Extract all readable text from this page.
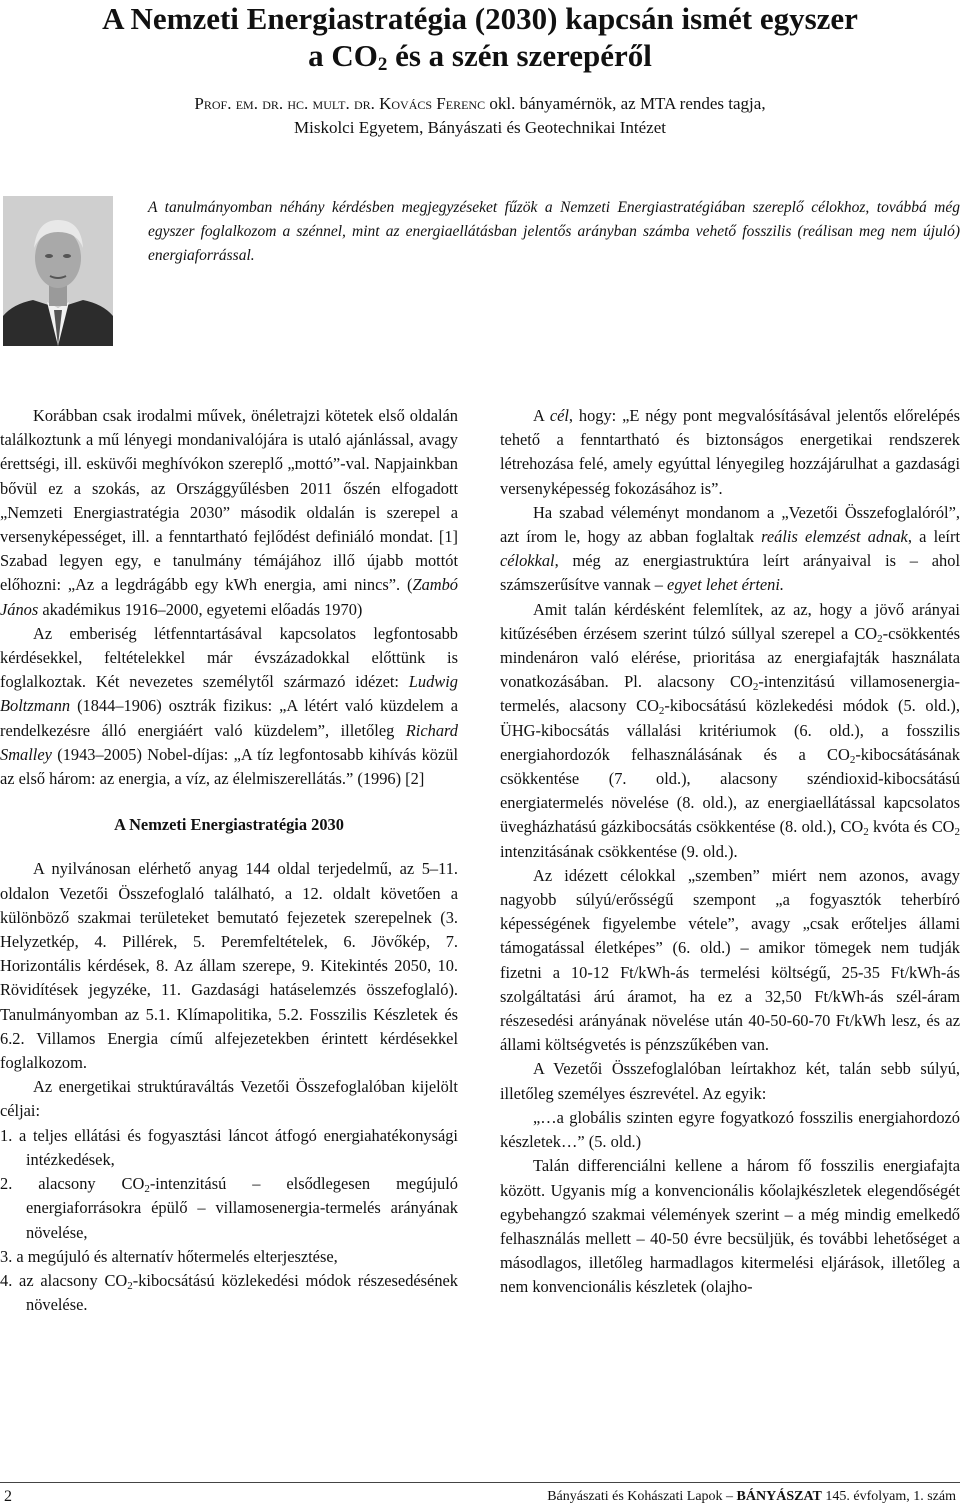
A Nemzeti Energiastratégia (2030) kapcsán ismét egyszer
a $CO_2$ és a szén szerepéről
Prof. em. dr. hc. mult. dr. Kovács Ferenc okl. bányamérnök, az MTA rendes tagja,
Miskolci Egyetem, Bányászati és Geotechnikai Intézet
A tanulmányomban néhány kérdésben megjegyzéseket fűzök a Nemzeti Energiastratégiában szereplő célokhoz, továbbá még egyszer foglalkozom a szénnel, mint az energiaellátásban jelentős arányban számba vehető fosszilis (reálisan meg nem újuló) energiaforrással.

Korábban csak irodalmi művek, önéletrajzi kötetek első oldalán találkoztunk a mű lényegi mondanivalójára is utaló ajánlással, avagy érettségi, ill. esküvői meghívókon szereplő „mottó”-val. Napjainkban bővül ez a szokás, az Országgyűlésben 2011 őszén elfogadott „Nemzeti Energiastratégia 2030” második oldalán is szerepel a versenyképességet, ill. a fenntartható fejlődést definiáló mondat. [1] Szabad legyen egy, e tanulmány témájához illő újabb mottót előhozni: „Az a legdrágább egy kWh energia, ami nincs”. (Zambó János akadémikus 1916–2000, egyetemi előadás 1970)

Az emberiség létfenntartásával kapcsolatos legfontosabb kérdésekkel, feltételekkel már évszázadokkal előttünk is foglalkoztak. Két nevezetes személytől származó idézet: Ludwig Boltzmann (1844–1906) osztrák fizikus: „A létért való küzdelem a rendelkezésre álló energiáért való küzdelem”, illetőleg Richard Smalley (1943–2005) Nobel-díjas: „A tíz legfontosabb kihívás közül az első három: az energia, a víz, az élelmiszerellátás.” (1996) [2]

A Nemzeti Energiastratégia 2030

A nyilvánosan elérhető anyag 144 oldal terjedelmű, az 5–11. oldalon Vezetői Összefoglaló található, a 12. oldalt követően a különböző szakmai területeket bemutató fejezetek szerepelnek (3. Helyzetkép, 4. Pillérek, 5. Peremfeltételek, 6. Jövőkép, 7. Horizontális kérdések, 8. Az állam szerepe, 9. Kitekintés 2050, 10. Rövidítések jegyzéke, 11. Gazdasági hatáselemzés összefoglaló). Tanulmányomban az 5.1. Klímapolitika, 5.2. Fosszilis Készletek és 6.2. Villamos Energia című alfejezetekben érintett kérdésekkel foglalkozom.

Az energetikai struktúraváltás Vezetői Összefoglalóban kijelölt céljai:

1. a teljes ellátási és fogyasztási láncot átfogó energiahatékonysági intézkedések,
2. alacsony $CO_2$-intenzitású – elsődlegesen megújuló energiaforrásokra épülő – villamosenergia-termelés arányának növelése,
3. a megújuló és alternatív hőtermelés elterjesztése,
4. az alacsony $CO_2$-kibocsátású közlekedési módok részesedésének növelése.

A cél, hogy: „E négy pont megvalósításával jelentős előrelépés tehető a fenntartható és biztonságos energetikai rendszerek létrehozása felé, amely egyúttal lényegileg hozzájárulhat a gazdasági versenyképesség fokozásához is”.

Ha szabad véleményt mondanom a „Vezetői Összefoglalóról”, azt írom le, hogy az abban foglaltak reális elemzést adnak, a leírt célokkal, még az energiastruktúra leírt arányaival is – ahol számszerűsítve vannak – egyet lehet érteni.

Amit talán kérdésként felemlítek, az az, hogy a jövő arányai kitűzésében érzésem szerint túlzó súllyal szerepel a $CO_2$-csökkentés mindenáron való elérése, prioritása az energiafajták használata vonatkozásában. Pl. alacsony $CO_2$-intenzitású villamosenergia-termelés, alacsony $CO_2$-kibocsátású közlekedési módok (5. old.), ÜHG-kibocsátás vállalási kritériumok (6. old.), a fosszilis energiahordozók felhasználásának és a $CO_2$-kibocsátásának csökkentése (7. old.), alacsony széndioxid-kibocsátású energiatermelés növelése (8. old.), az energiaellátással kapcsolatos üvegházhatású gázkibocsátás csökkentése (8. old.), $CO_2$ kvóta és $CO_2$ intenzitásának csökkentése (9. old.).

Az idézett célokkal „szemben” miért nem azonos, avagy nagyobb súlyú/erősségű szempont „a fogyasztók teherbíró képességének figyelembe vétele”, avagy „csak erőteljes állami támogatással életképes” (6. old.) – amikor tömegek nem tudják fizetni a 10-12 Ft/kWh-ás termelési költségű, 25-35 Ft/kWh-ás szolgáltatási árú áramot, ha ez a 32,50 Ft/kWh-ás szél-áram részesedési arányának növelése után 40-50-60-70 Ft/kWh lesz, és az állami költségvetés is pénzszűkében van.

A Vezetői Összefoglalóban leírtakhoz két, talán sebb súlyú, illetőleg személyes észrevétel. Az egyik:

„…a globális szinten egyre fogyatkozó fosszilis energiahordozó készletek…” (5. old.)

Talán differenciálni kellene a három fő fosszilis energiafajta között. Ugyanis míg a konvencionális kőolajkészletek elegendőségét egybehangzó szakmai vélemények szerint – a még mindig emelkedő felhasználás mellett – 40-50 évre becsüljük, és további lehetőséget a másodlagos, illetőleg harmadlagos kitermelési eljárások, illetőleg a nem konvencionális készletek (olajho-

2	Bányászati és Kohászati Lapok – BÁNYÁSZAT 145. évfolyam, 1. szám
